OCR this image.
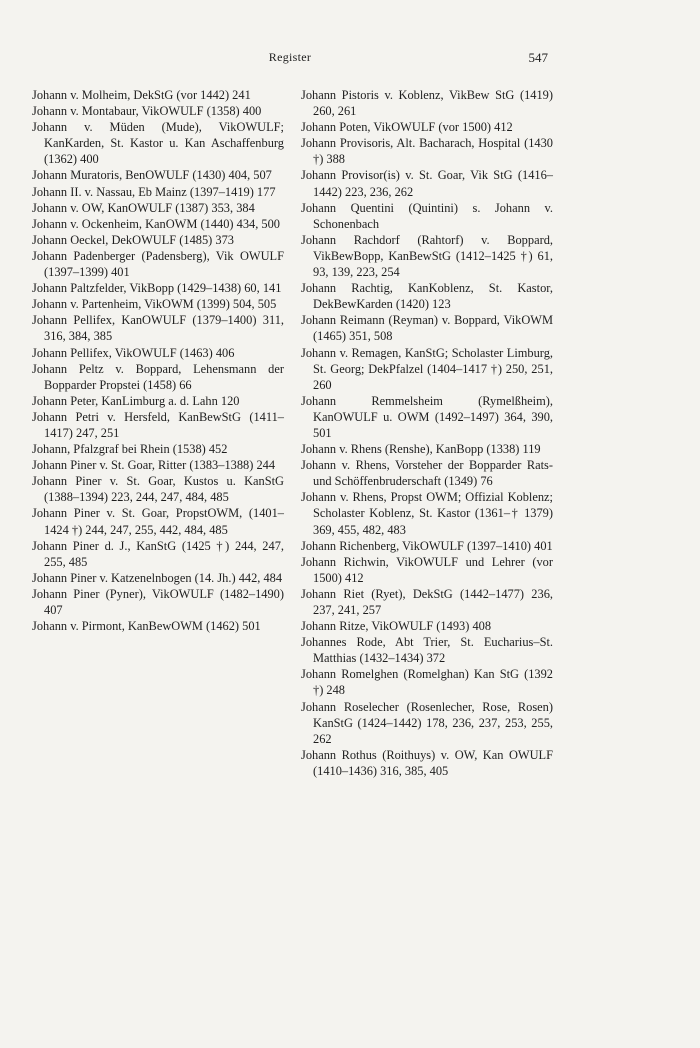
Register	547

Johann v. Molheim, DekStG (vor 1442) 241

Johann v. Montabaur, VikOWULF (1358) 400

Johann v. Müden (Mude), VikOWULF; KanKarden, St. Kastor u. Kan Aschaffenburg (1362) 400

Johann Muratoris, BenOWULF (1430) 404, 507

Johann II. v. Nassau, Eb Mainz (1397–1419) 177

Johann v. OW, KanOWULF (1387) 353, 384

Johann v. Ockenheim, KanOWM (1440) 434, 500

Johann Oeckel, DekOWULF (1485) 373

Johann Padenberger (Padensberg), Vik OWULF (1397–1399) 401

Johann Paltzfelder, VikBopp (1429–1438) 60, 141

Johann v. Partenheim, VikOWM (1399) 504, 505

Johann Pellifex, KanOWULF (1379–1400) 311, 316, 384, 385

Johann Pellifex, VikOWULF (1463) 406

Johann Peltz v. Boppard, Lehensmann der Bopparder Propstei (1458) 66

Johann Peter, KanLimburg a. d. Lahn 120

Johann Petri v. Hersfeld, KanBewStG (1411–1417) 247, 251

Johann, Pfalzgraf bei Rhein (1538) 452

Johann Piner v. St. Goar, Ritter (1383–1388) 244

Johann Piner v. St. Goar, Kustos u. KanStG (1388–1394) 223, 244, 247, 484, 485

Johann Piner v. St. Goar, PropstOWM, (1401–1424 †) 244, 247, 255, 442, 484, 485

Johann Piner d. J., KanStG (1425 †) 244, 247, 255, 485

Johann Piner v. Katzenelnbogen (14. Jh.) 442, 484

Johann Piner (Pyner), VikOWULF (1482–1490) 407

Johann v. Pirmont, KanBewOWM (1462) 501

Johann Pistoris v. Koblenz, VikBew StG (1419) 260, 261

Johann Poten, VikOWULF (vor 1500) 412

Johann Provisoris, Alt. Bacharach, Hospital (1430 †) 388

Johann Provisor(is) v. St. Goar, Vik StG (1416–1442) 223, 236, 262

Johann Quentini (Quintini) s. Johann v. Schonenbach

Johann Rachdorf (Rahtorf) v. Boppard, VikBewBopp, KanBewStG (1412–1425 †) 61, 93, 139, 223, 254

Johann Rachtig, KanKoblenz, St. Kastor, DekBewKarden (1420) 123

Johann Reimann (Reyman) v. Boppard, VikOWM (1465) 351, 508

Johann v. Remagen, KanStG; Scholaster Limburg, St. Georg; DekPfalzel (1404–1417 †) 250, 251, 260

Johann Remmelsheim (Rymelßheim), KanOWULF u. OWM (1492–1497) 364, 390, 501

Johann v. Rhens (Renshe), KanBopp (1338) 119

Johann v. Rhens, Vorsteher der Bopparder Rats- und Schöffenbruderschaft (1349) 76

Johann v. Rhens, Propst OWM; Offizial Koblenz; Scholaster Koblenz, St. Kastor (1361–† 1379) 369, 455, 482, 483

Johann Richenberg, VikOWULF (1397–1410) 401

Johann Richwin, VikOWULF und Lehrer (vor 1500) 412

Johann Riet (Ryet), DekStG (1442–1477) 236, 237, 241, 257

Johann Ritze, VikOWULF (1493) 408

Johannes Rode, Abt Trier, St. Eucharius–St. Matthias (1432–1434) 372

Johann Romelghen (Romelghan) Kan StG (1392 †) 248

Johann Roselecher (Rosenlecher, Rose, Rosen) KanStG (1424–1442) 178, 236, 237, 253, 255, 262

Johann Rothus (Roithuys) v. OW, Kan OWULF (1410–1436) 316, 385, 405
